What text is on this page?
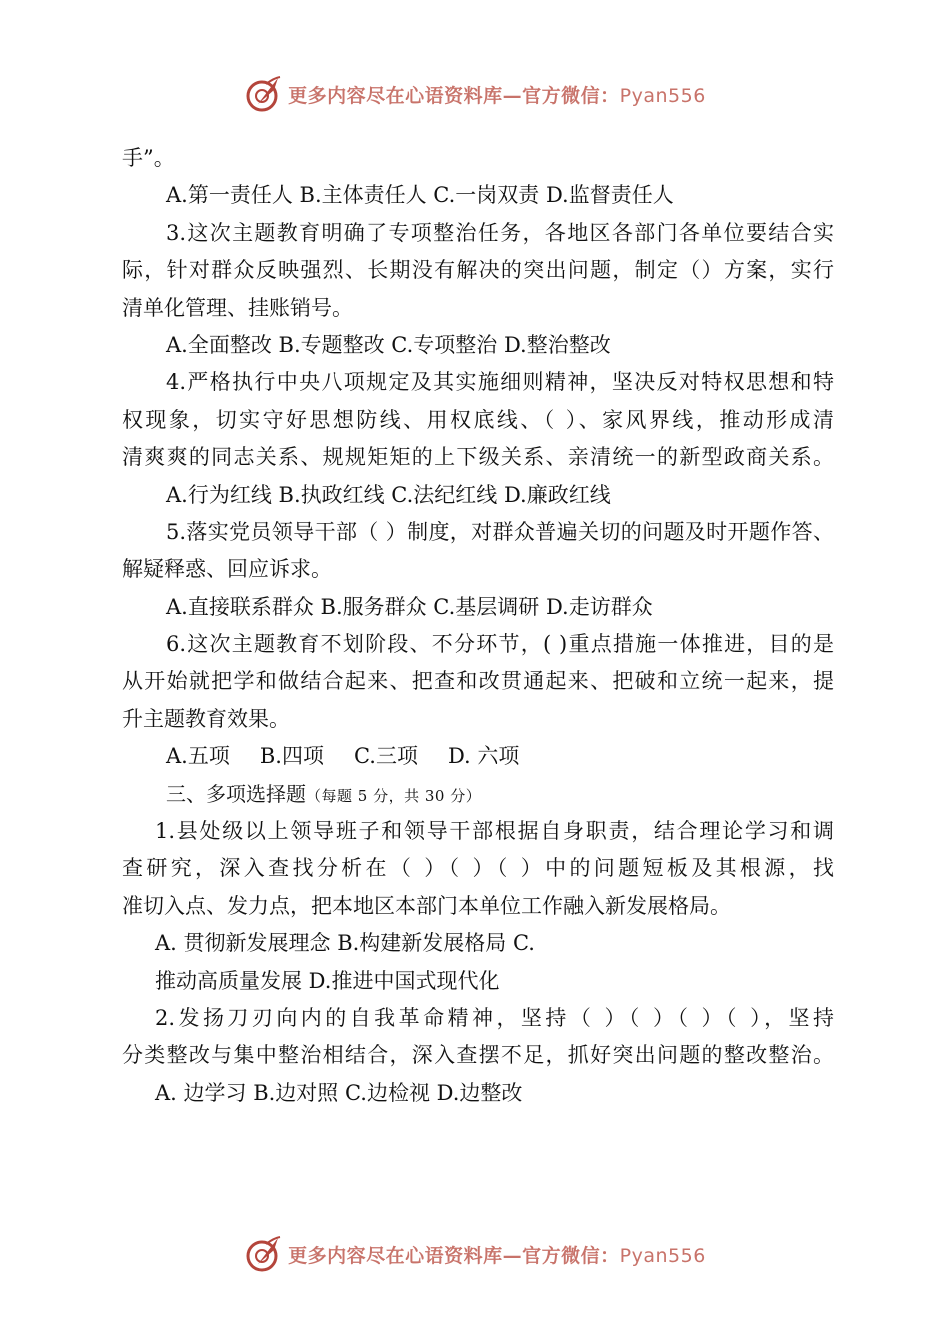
更多内容尽在心语资料库—官方微信：Pyan556
手”。
A.第一责任人 B.主体责任人 C.一岗双责 D.监督责任人
3.这次主题教育明确了专项整治任务，各地区各部门各单位要结合实
际，针对群众反映强烈、长期没有解决的突出问题，制定（）方案，实行
清单化管理、挂账销号。
A.全面整改 B.专题整改 C.专项整治 D.整治整改
4.严格执行中央八项规定及其实施细则精神，坚决反对特权思想和特
权现象，切实守好思想防线、用权底线、（ ）、家风界线，推动形成清
清爽爽的同志关系、规规矩矩的上下级关系、亲清统一的新型政商关系。
A.行为红线 B.执政红线 C.法纪红线 D.廉政红线
5.落实党员领导干部（ ）制度，对群众普遍关切的问题及时开题作答、
解疑释惑、回应诉求。
A.直接联系群众 B.服务群众 C.基层调研 D.走访群众
6.这次主题教育不划阶段、不分环节，( )重点措施一体推进，目的是
从开始就把学和做结合起来、把查和改贯通起来、把破和立统一起来，提
升主题教育效果。
A.五项 B.四项 C.三项 D. 六项
三、多项选择题（每题 5 分，共 30 分）
1.县处级以上领导班子和领导干部根据自身职责，结合理论学习和调
查研究，深入查找分析在（ ）（ ）（ ）中的问题短板及其根源，找
准切入点、发力点，把本地区本部门本单位工作融入新发展格局。
A. 贯彻新发展理念 B.构建新发展格局 C.
推动高质量发展 D.推进中国式现代化
2.发扬刀刃向内的自我革命精神，坚持（ ）（ ）（ ）（ ），坚持
分类整改与集中整治相结合，深入查摆不足，抓好突出问题的整改整治。
A. 边学习 B.边对照 C.边检视 D.边整改
更多内容尽在心语资料库—官方微信：Pyan556
